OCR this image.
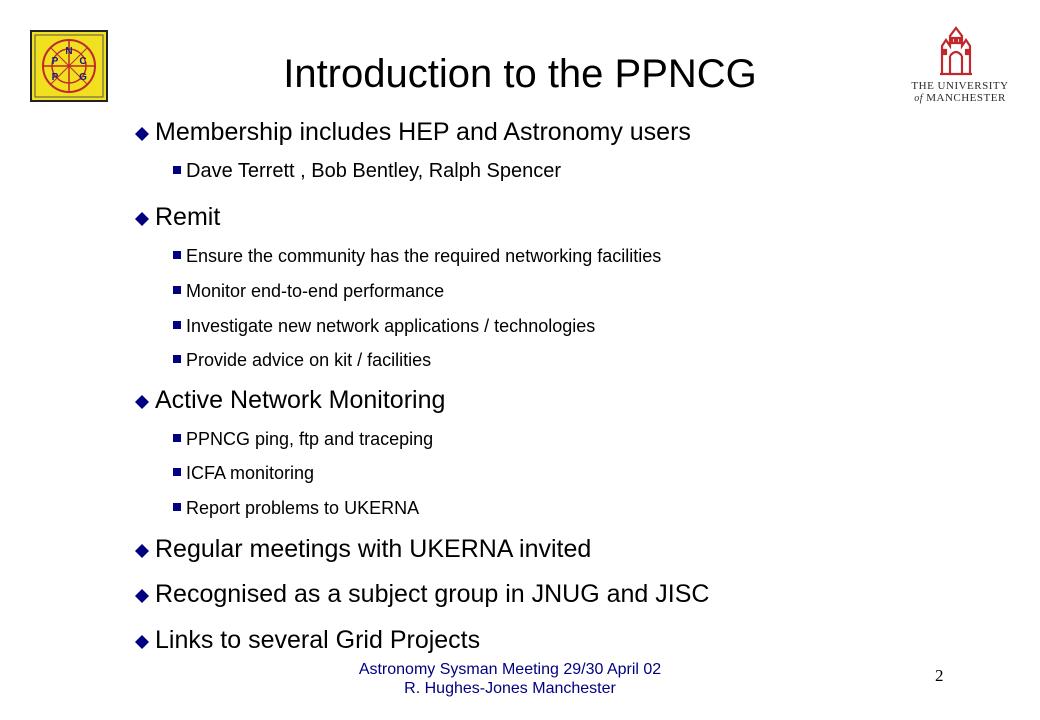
N
P C
P G
THE UNIVERSITY
of MANCHESTER
Introduction to the PPNCG
Membership includes HEP and Astronomy users
Dave Terrett , Bob Bentley, Ralph Spencer
Remit
Ensure the community has the required networking facilities
Monitor end-to-end performance
Investigate new network applications / technologies
Provide advice on kit / facilities
Active Network Monitoring
PPNCG ping, ftp and traceping
ICFA monitoring
Report problems to UKERNA
Regular meetings with UKERNA invited
Recognised as a subject group in JNUG and JISC
Links to several Grid Projects
Astronomy Sysman Meeting 29/30 April 02
R. Hughes-Jones Manchester
2
